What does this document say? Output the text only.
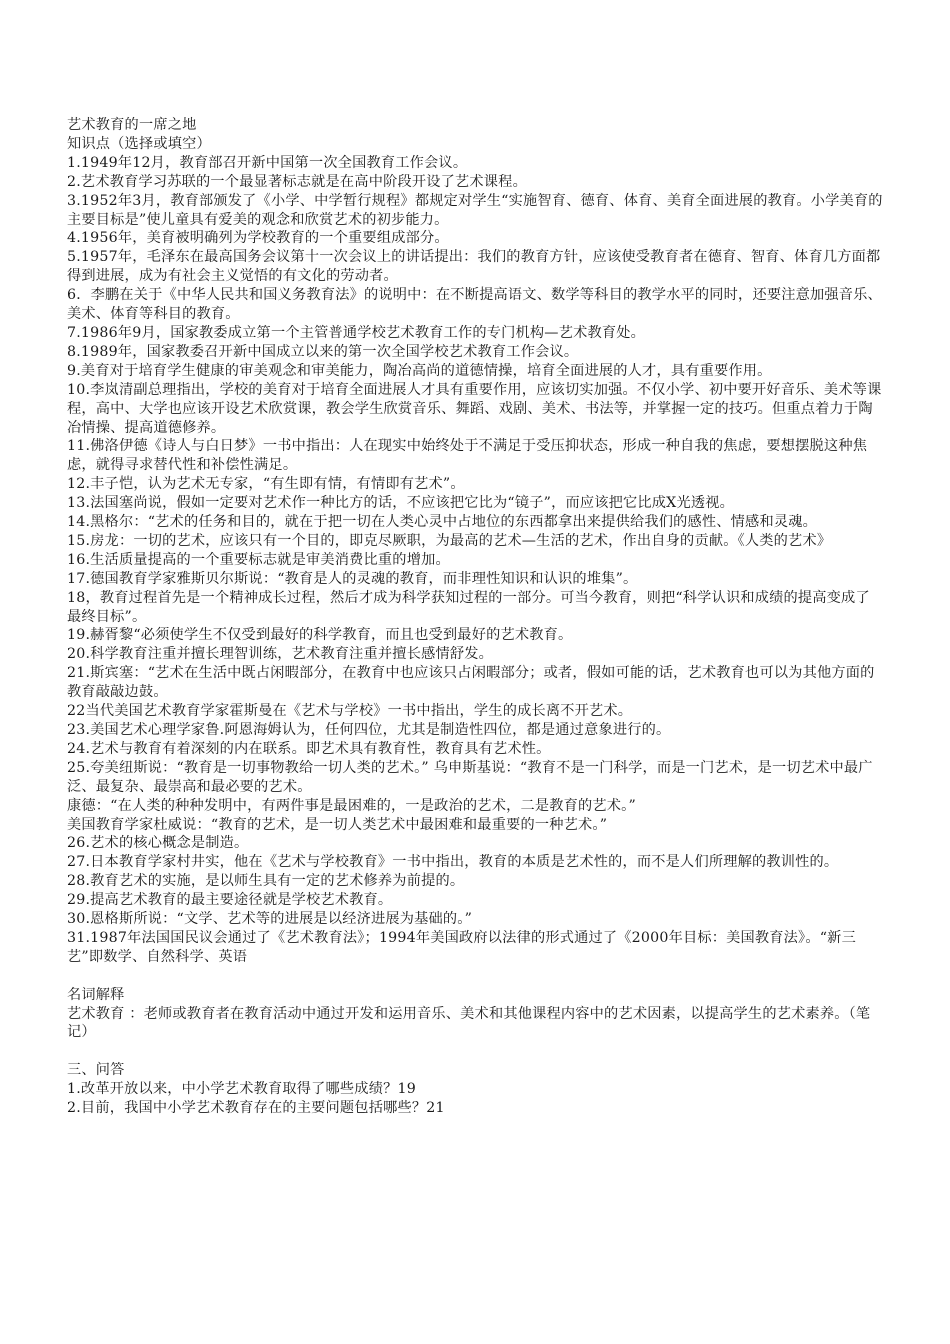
艺术教育的一席之地

知识点（选择或填空）

1.1949年12月，教育部召开新中国第一次全国教育工作会议。

2.艺术教育学习苏联的一个最显著标志就是在高中阶段开设了艺术课程。

3.1952年3月，教育部颁发了《小学、中学暂行规程》都规定对学生“实施智育、德育、体育、美育全面进展的教育。小学美育的主要目标是”使儿童具有爱美的观念和欣赏艺术的初步能力。

4.1956年，美育被明确列为学校教育的一个重要组成部分。

5.1957年，毛泽东在最高国务会议第十一次会议上的讲话提出：我们的教育方针，应该使受教育者在德育、智育、体育几方面都得到进展，成为有社会主义觉悟的有文化的劳动者。

6．李鹏在关于《中华人民共和国义务教育法》的说明中：在不断提高语文、数学等科目的教学水平的同时，还要注意加强音乐、美术、体育等科目的教育。

7.1986年9月，国家教委成立第一个主管普通学校艺术教育工作的专门机构—艺术教育处。

8.1989年，国家教委召开新中国成立以来的第一次全国学校艺术教育工作会议。

9.美育对于培育学生健康的审美观念和审美能力，陶冶高尚的道德情操，培育全面进展的人才，具有重要作用。

10.李岚清副总理指出，学校的美育对于培育全面进展人才具有重要作用，应该切实加强。不仅小学、初中要开好音乐、美术等课程，高中、大学也应该开设艺术欣赏课，教会学生欣赏音乐、舞蹈、戏剧、美术、书法等，并掌握一定的技巧。但重点着力于陶冶情操、提高道德修养。

11.佛洛伊德《诗人与白日梦》一书中指出：人在现实中始终处于不满足于受压抑状态，形成一种自我的焦虑，要想摆脱这种焦虑，就得寻求替代性和补偿性满足。

12.丰子恺，认为艺术无专家，“有生即有情，有情即有艺术”。

13.法国塞尚说，假如一定要对艺术作一种比方的话，不应该把它比为“镜子”，而应该把它比成X光透视。

14.黑格尔：“艺术的任务和目的，就在于把一切在人类心灵中占地位的东西都拿出来提供给我们的感性、情感和灵魂。

15.房龙：一切的艺术，应该只有一个目的，即克尽厥职，为最高的艺术—生活的艺术，作出自身的贡献。《人类的艺术》

16.生活质量提高的一个重要标志就是审美消费比重的增加。

17.德国教育学家雅斯贝尔斯说：“教育是人的灵魂的教育，而非理性知识和认识的堆集”。

18，教育过程首先是一个精神成长过程，然后才成为科学获知过程的一部分。可当今教育，则把“科学认识和成绩的提高变成了最终目标”。

19.赫胥黎“必须使学生不仅受到最好的科学教育，而且也受到最好的艺术教育。

20.科学教育注重并擅长理智训练，艺术教育注重并擅长感情舒发。

21.斯宾塞：“艺术在生活中既占闲暇部分，在教育中也应该只占闲暇部分；或者，假如可能的话，艺术教育也可以为其他方面的教育敲敲边鼓。

22当代美国艺术教育学家霍斯曼在《艺术与学校》一书中指出，学生的成长离不开艺术。

23.美国艺术心理学家鲁.阿恩海姆认为，任何四位，尤其是制造性四位，都是通过意象进行的。

24.艺术与教育有着深刻的内在联系。即艺术具有教育性，教育具有艺术性。

25.夸美纽斯说：“教育是一切事物教给一切人类的艺术。” 乌申斯基说：“教育不是一门科学，而是一门艺术，是一切艺术中最广泛、最复杂、最崇高和最必要的艺术。

康德：“在人类的种种发明中，有两件事是最困难的，一是政治的艺术，二是教育的艺术。”

美国教育学家杜威说：“教育的艺术，是一切人类艺术中最困难和最重要的一种艺术。”

26.艺术的核心概念是制造。

27.日本教育学家村井实，他在《艺术与学校教育》一书中指出，教育的本质是艺术性的，而不是人们所理解的教训性的。

28.教育艺术的实施，是以师生具有一定的艺术修养为前提的。

29.提高艺术教育的最主要途径就是学校艺术教育。

30.恩格斯所说：“文学、艺术等的进展是以经济进展为基础的。”

31.1987年法国国民议会通过了《艺术教育法》；1994年美国政府以法律的形式通过了《2000年目标：美国教育法》。“新三艺”即数学、自然科学、英语

名词解释

艺术教育 ：老师或教育者在教育活动中通过开发和运用音乐、美术和其他课程内容中的艺术因素，以提高学生的艺术素养。（笔记）

三、问答

1.改革开放以来，中小学艺术教育取得了哪些成绩？19

2.目前，我国中小学艺术教育存在的主要问题包括哪些？21
